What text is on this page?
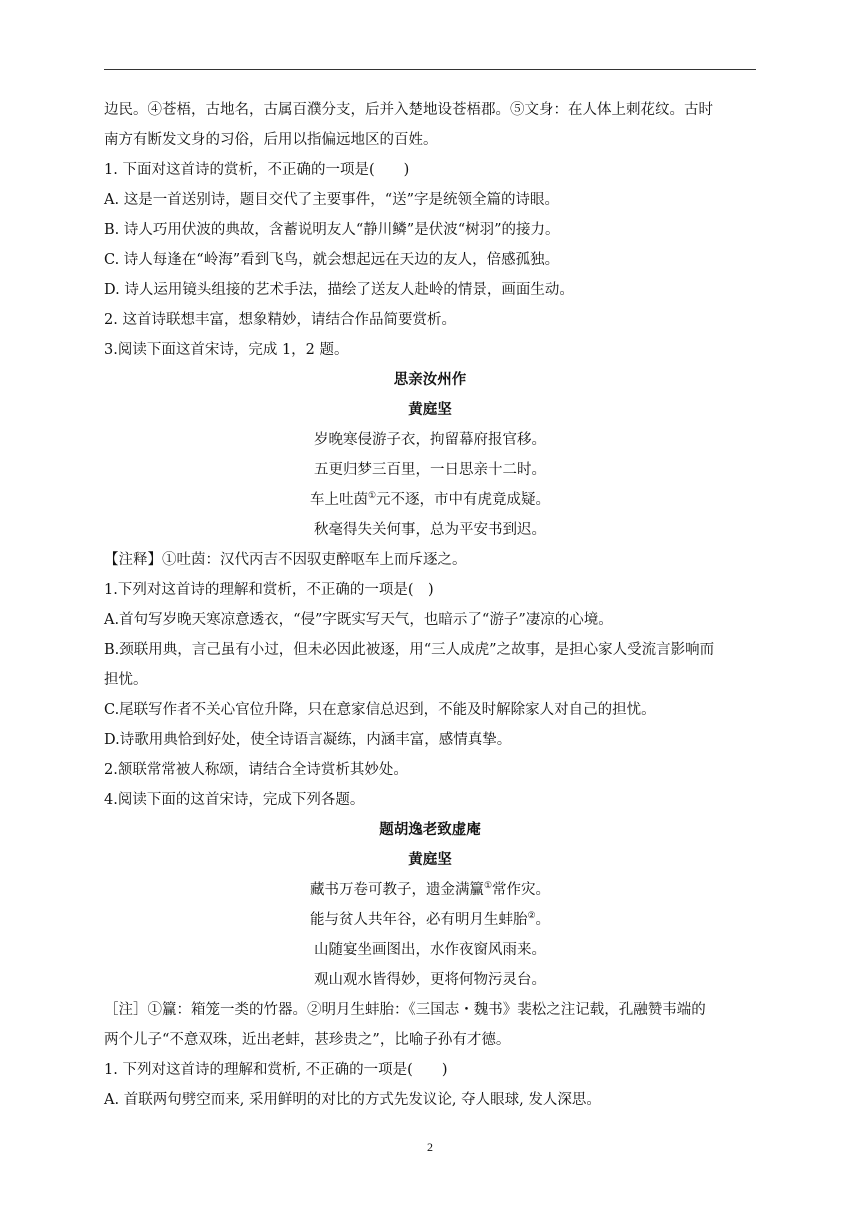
边民。④苍梧，古地名，古属百濮分支，后并入楚地设苍梧郡。⑤文身：在人体上刺花纹。古时

南方有断发文身的习俗，后用以指偏远地区的百姓。

1. 下面对这首诗的赏析，不正确的一项是(　　)

A. 这是一首送别诗，题目交代了主要事件，“送”字是统领全篇的诗眼。

B. 诗人巧用伏波的典故，含蓄说明友人“静川鳞”是伏波“树羽”的接力。

C. 诗人每逢在“岭海”看到飞鸟，就会想起远在天边的友人，倍感孤独。

D. 诗人运用镜头组接的艺术手法，描绘了送友人赴岭的情景，画面生动。

2. 这首诗联想丰富，想象精妙，请结合作品简要赏析。

3.阅读下面这首宋诗，完成 1，2 题。

思亲汝州作

黄庭坚

岁晚寒侵游子衣，拘留幕府报官移。

五更归梦三百里，一日思亲十二时。

车上吐茵①元不逐，市中有虎竟成疑。

秋毫得失关何事，总为平安书到迟。

【注释】①吐茵：汉代丙吉不因驭吏醉呕车上而斥逐之。

1.下列对这首诗的理解和赏析，不正确的一项是(　)

A.首句写岁晚天寒凉意透衣，“侵”字既实写天气，也暗示了“游子”凄凉的心境。

B.颈联用典，言己虽有小过，但未必因此被逐，用“三人成虎”之故事，是担心家人受流言影响而

担忧。

C.尾联写作者不关心官位升降，只在意家信总迟到，不能及时解除家人对自己的担忧。

D.诗歌用典恰到好处，使全诗语言凝练，内涵丰富，感情真挚。

2.颔联常常被人称颂，请结合全诗赏析其妙处。

4.阅读下面的这首宋诗，完成下列各题。

题胡逸老致虚庵

黄庭坚

藏书万卷可教子，遗金满籯①常作灾。

能与贫人共年谷，必有明月生蚌胎②。

山随宴坐画图出，水作夜窗风雨来。

观山观水皆得妙，更将何物污灵台。

［注］①籯：箱笼一类的竹器。②明月生蚌胎：《三国志・魏书》裴松之注记载，孔融赞韦端的

两个儿子“不意双珠，近出老蚌，甚珍贵之”，比喻子孙有才德。

1. 下列对这首诗的理解和赏析, 不正确的一项是(　　)

A. 首联两句劈空而来, 采用鲜明的对比的方式先发议论, 夺人眼球, 发人深思。

2
